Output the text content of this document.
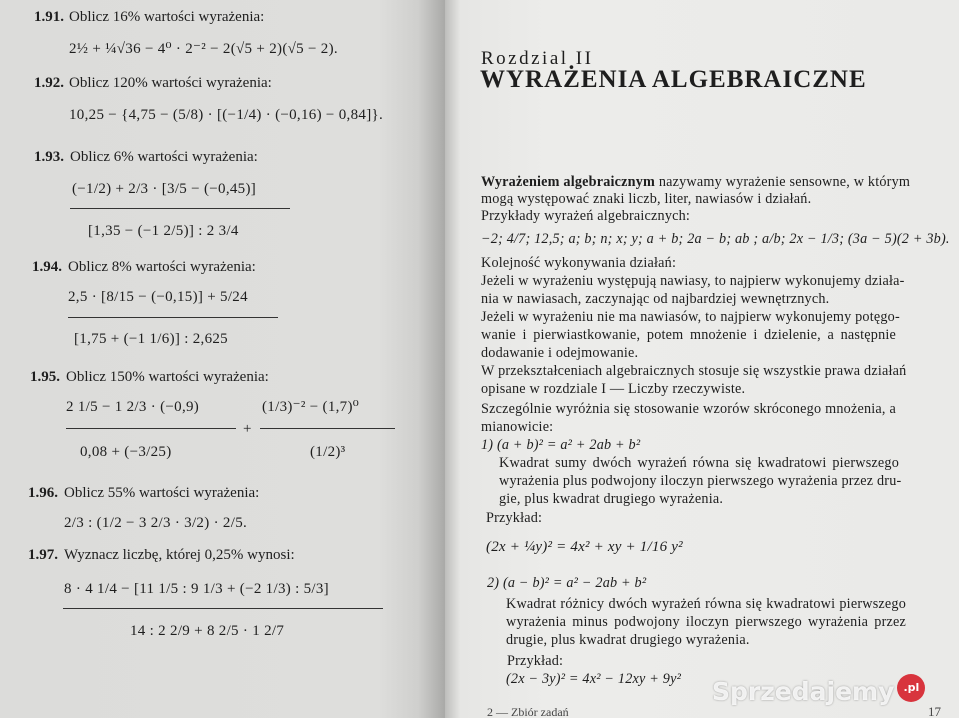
1.91. Oblicz 16% wartości wyrażenia:
2½ + ¼√36 − 4⁰ · 2⁻² − 2(√5 + 2)(√5 − 2).
1.92. Oblicz 120% wartości wyrażenia:
10,25 − {4,75 − (5/8) · [(−1/4) · (−0,16) − 0,84]}.
1.93. Oblicz 6% wartości wyrażenia:
(−1/2) + 2/3 · [3/5 − (−0,45)]
[1,35 − (−1 2/5)] : 2 3/4
1.94. Oblicz 8% wartości wyrażenia:
2,5 · [8/15 − (−0,15)] + 5/24
[1,75 + (−1 1/6)] : 2,625
1.95. Oblicz 150% wartości wyrażenia:
2 1/5 − 1 2/3 · (−0,9)
0,08 + (−3/25)
+
(1/3)⁻² − (1,7)⁰
(1/2)³
1.96. Oblicz 55% wartości wyrażenia:
2/3 : (1/2 − 3 2/3 · 3/2) · 2/5.
1.97. Wyznacz liczbę, której 0,25% wynosi:
8 · 4 1/4 − [11 1/5 : 9 1/3 + (−2 1/3) : 5/3]
14 : 2 2/9 + 8 2/5 · 1 2/7
Rozdzial II
WYRAŻENIA ALGEBRAICZNE
Wyrażeniem algebraicznym nazywamy wyrażenie sensowne, w którym
mogą występować znaki liczb, liter, nawiasów i działań.
Przykłady wyrażeń algebraicznych:
−2; 4/7; 12,5; a; b; n; x; y; a + b; 2a − b; ab ; a/b; 2x − 1/3; (3a − 5)(2 + 3b).
Kolejność wykonywania działań:
Jeżeli w wyrażeniu występują nawiasy, to najpierw wykonujemy działa-
nia w nawiasach, zaczynając od najbardziej wewnętrznych.
Jeżeli w wyrażeniu nie ma nawiasów, to najpierw wykonujemy potęgo-
wanie i pierwiastkowanie, potem mnożenie i dzielenie, a następnie
dodawanie i odejmowanie.
W przekształceniach algebraicznych stosuje się wszystkie prawa działań
opisane w rozdziale I — Liczby rzeczywiste.
Szczególnie wyróżnia się stosowanie wzorów skróconego mnożenia, a
mianowicie:
1) (a + b)² = a² + 2ab + b²
Kwadrat sumy dwóch wyrażeń równa się kwadratowi pierwszego
wyrażenia plus podwojony iloczyn pierwszego wyrażenia przez dru-
gie, plus kwadrat drugiego wyrażenia.
Przykład:
(2x + ¼y)² = 4x² + xy + 1/16 y²
2) (a − b)² = a² − 2ab + b²
Kwadrat różnicy dwóch wyrażeń równa się kwadratowi pierwszego
wyrażenia minus podwojony iloczyn pierwszego wyrażenia przez
drugie, plus kwadrat drugiego wyrażenia.
Przykład:
(2x − 3y)² = 4x² − 12xy + 9y²
2 — Zbiór zadań	17
Sprzedajemy .pl
